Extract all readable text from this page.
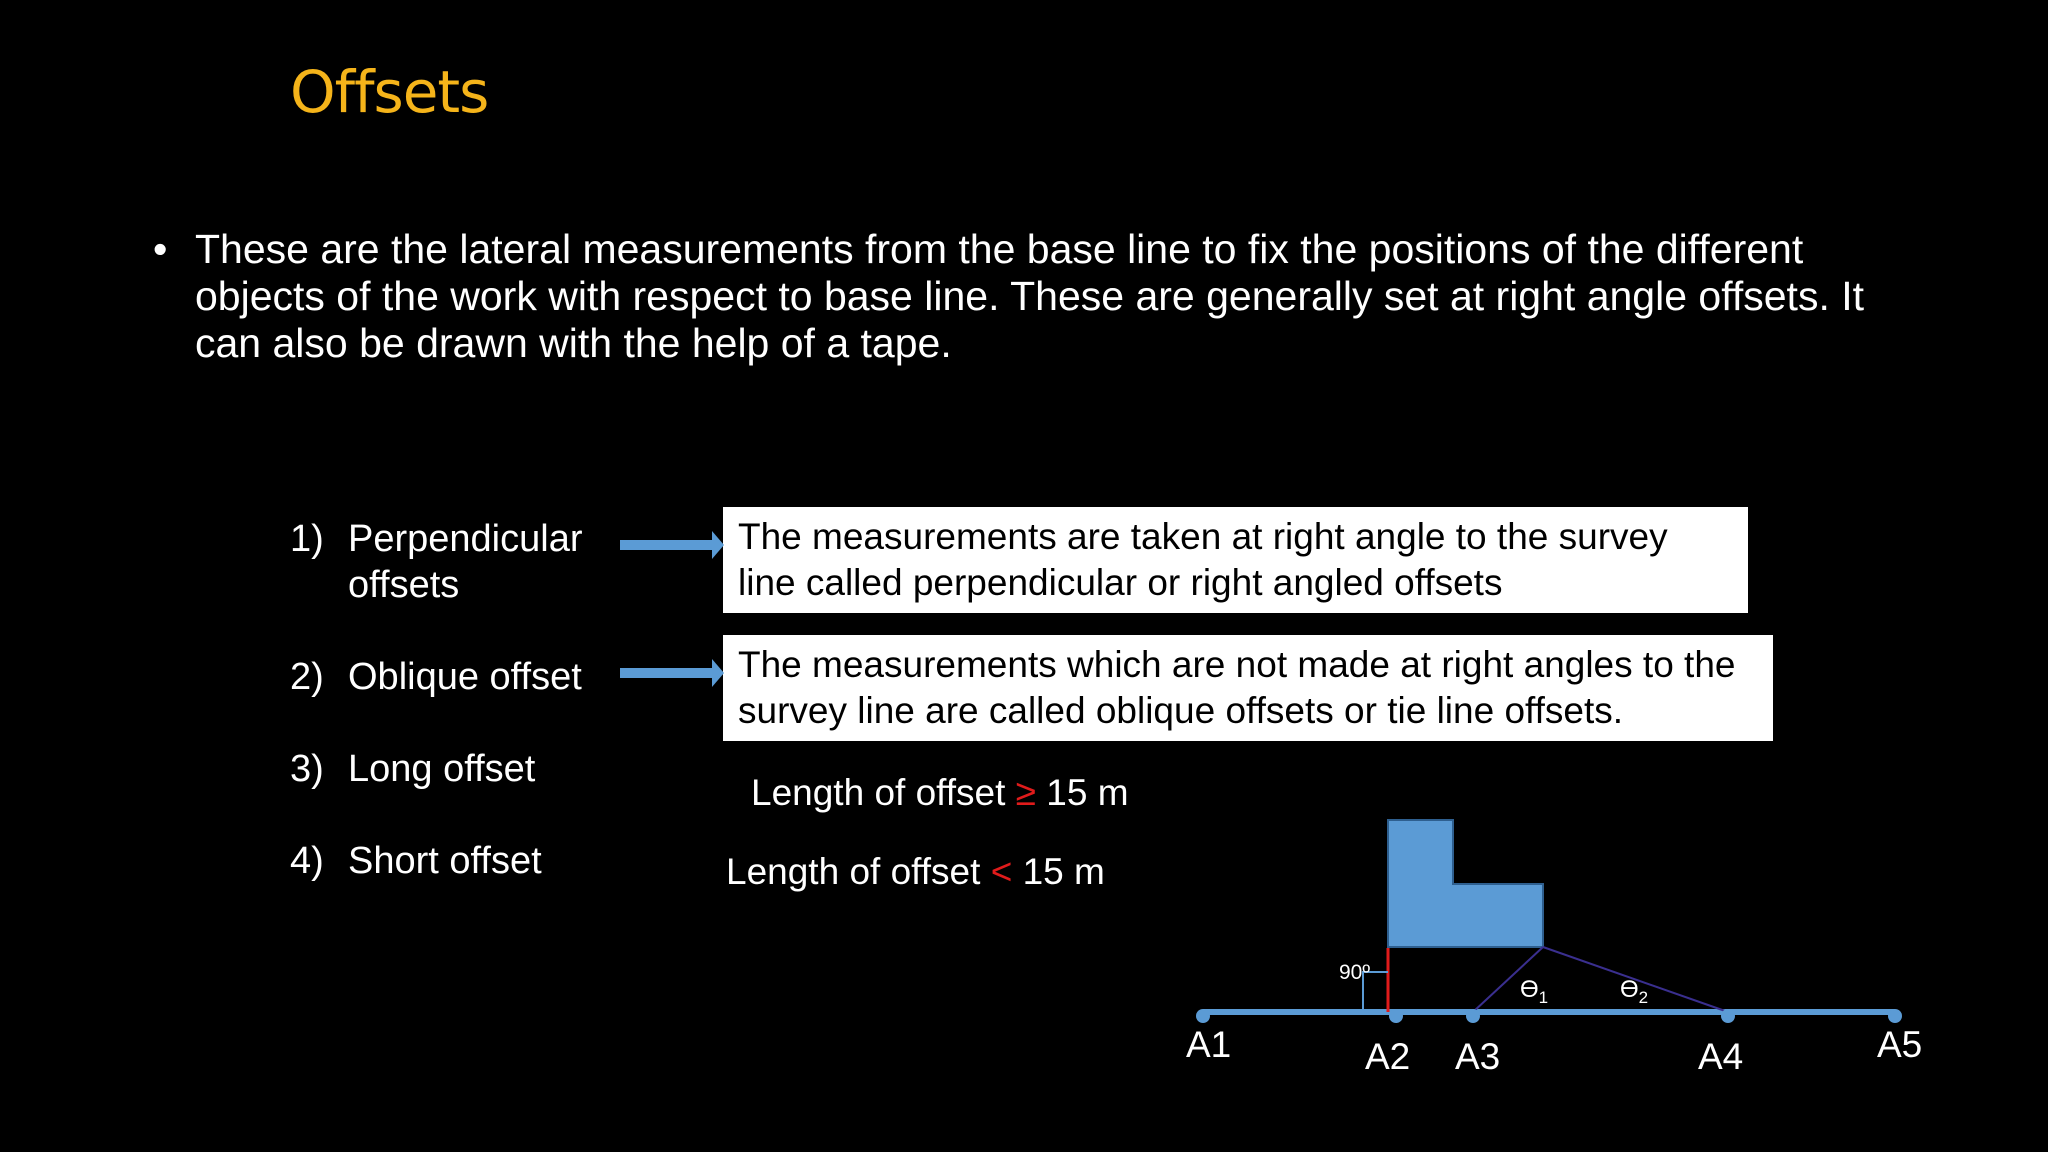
Offsets
• These are the lateral measurements from the base line to fix the positions of the different objects of the work with respect to base line. These are generally set at right angle offsets. It can also be drawn with the help of a tape.
1) Perpendicular
offsets
2) Oblique offset
3) Long offset
4) Short offset
The measurements are taken at right angle to the survey line called perpendicular or right angled offsets
The measurements which are not made at right angles to the survey line are called oblique offsets or tie line offsets.
Length of offset ≥ 15 m
Length of offset < 15 m
90º
$ϴ_1$	$ϴ_2$
A1	A2 A3	A4	A5
